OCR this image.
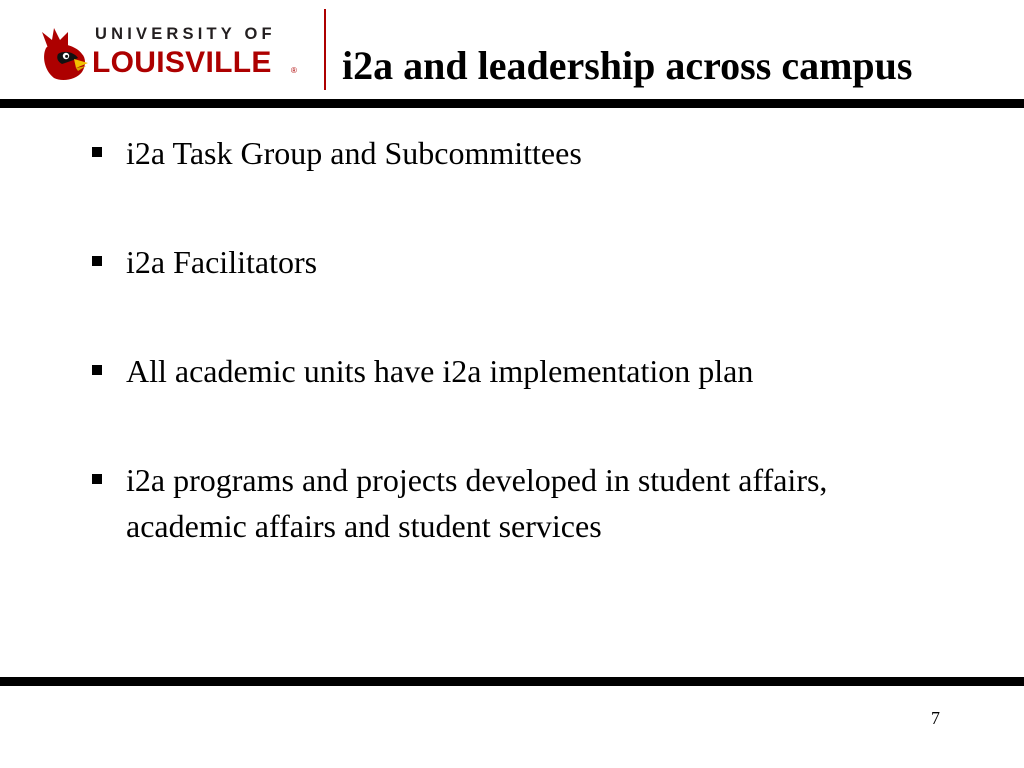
UNIVERSITY OF
LOUISVILLE ® i2a and leadership across campus
i2a Task Group and Subcommittees
i2a Facilitators
All academic units have i2a implementation plan
i2a programs and projects developed in student affairs, academic affairs and student services
7
